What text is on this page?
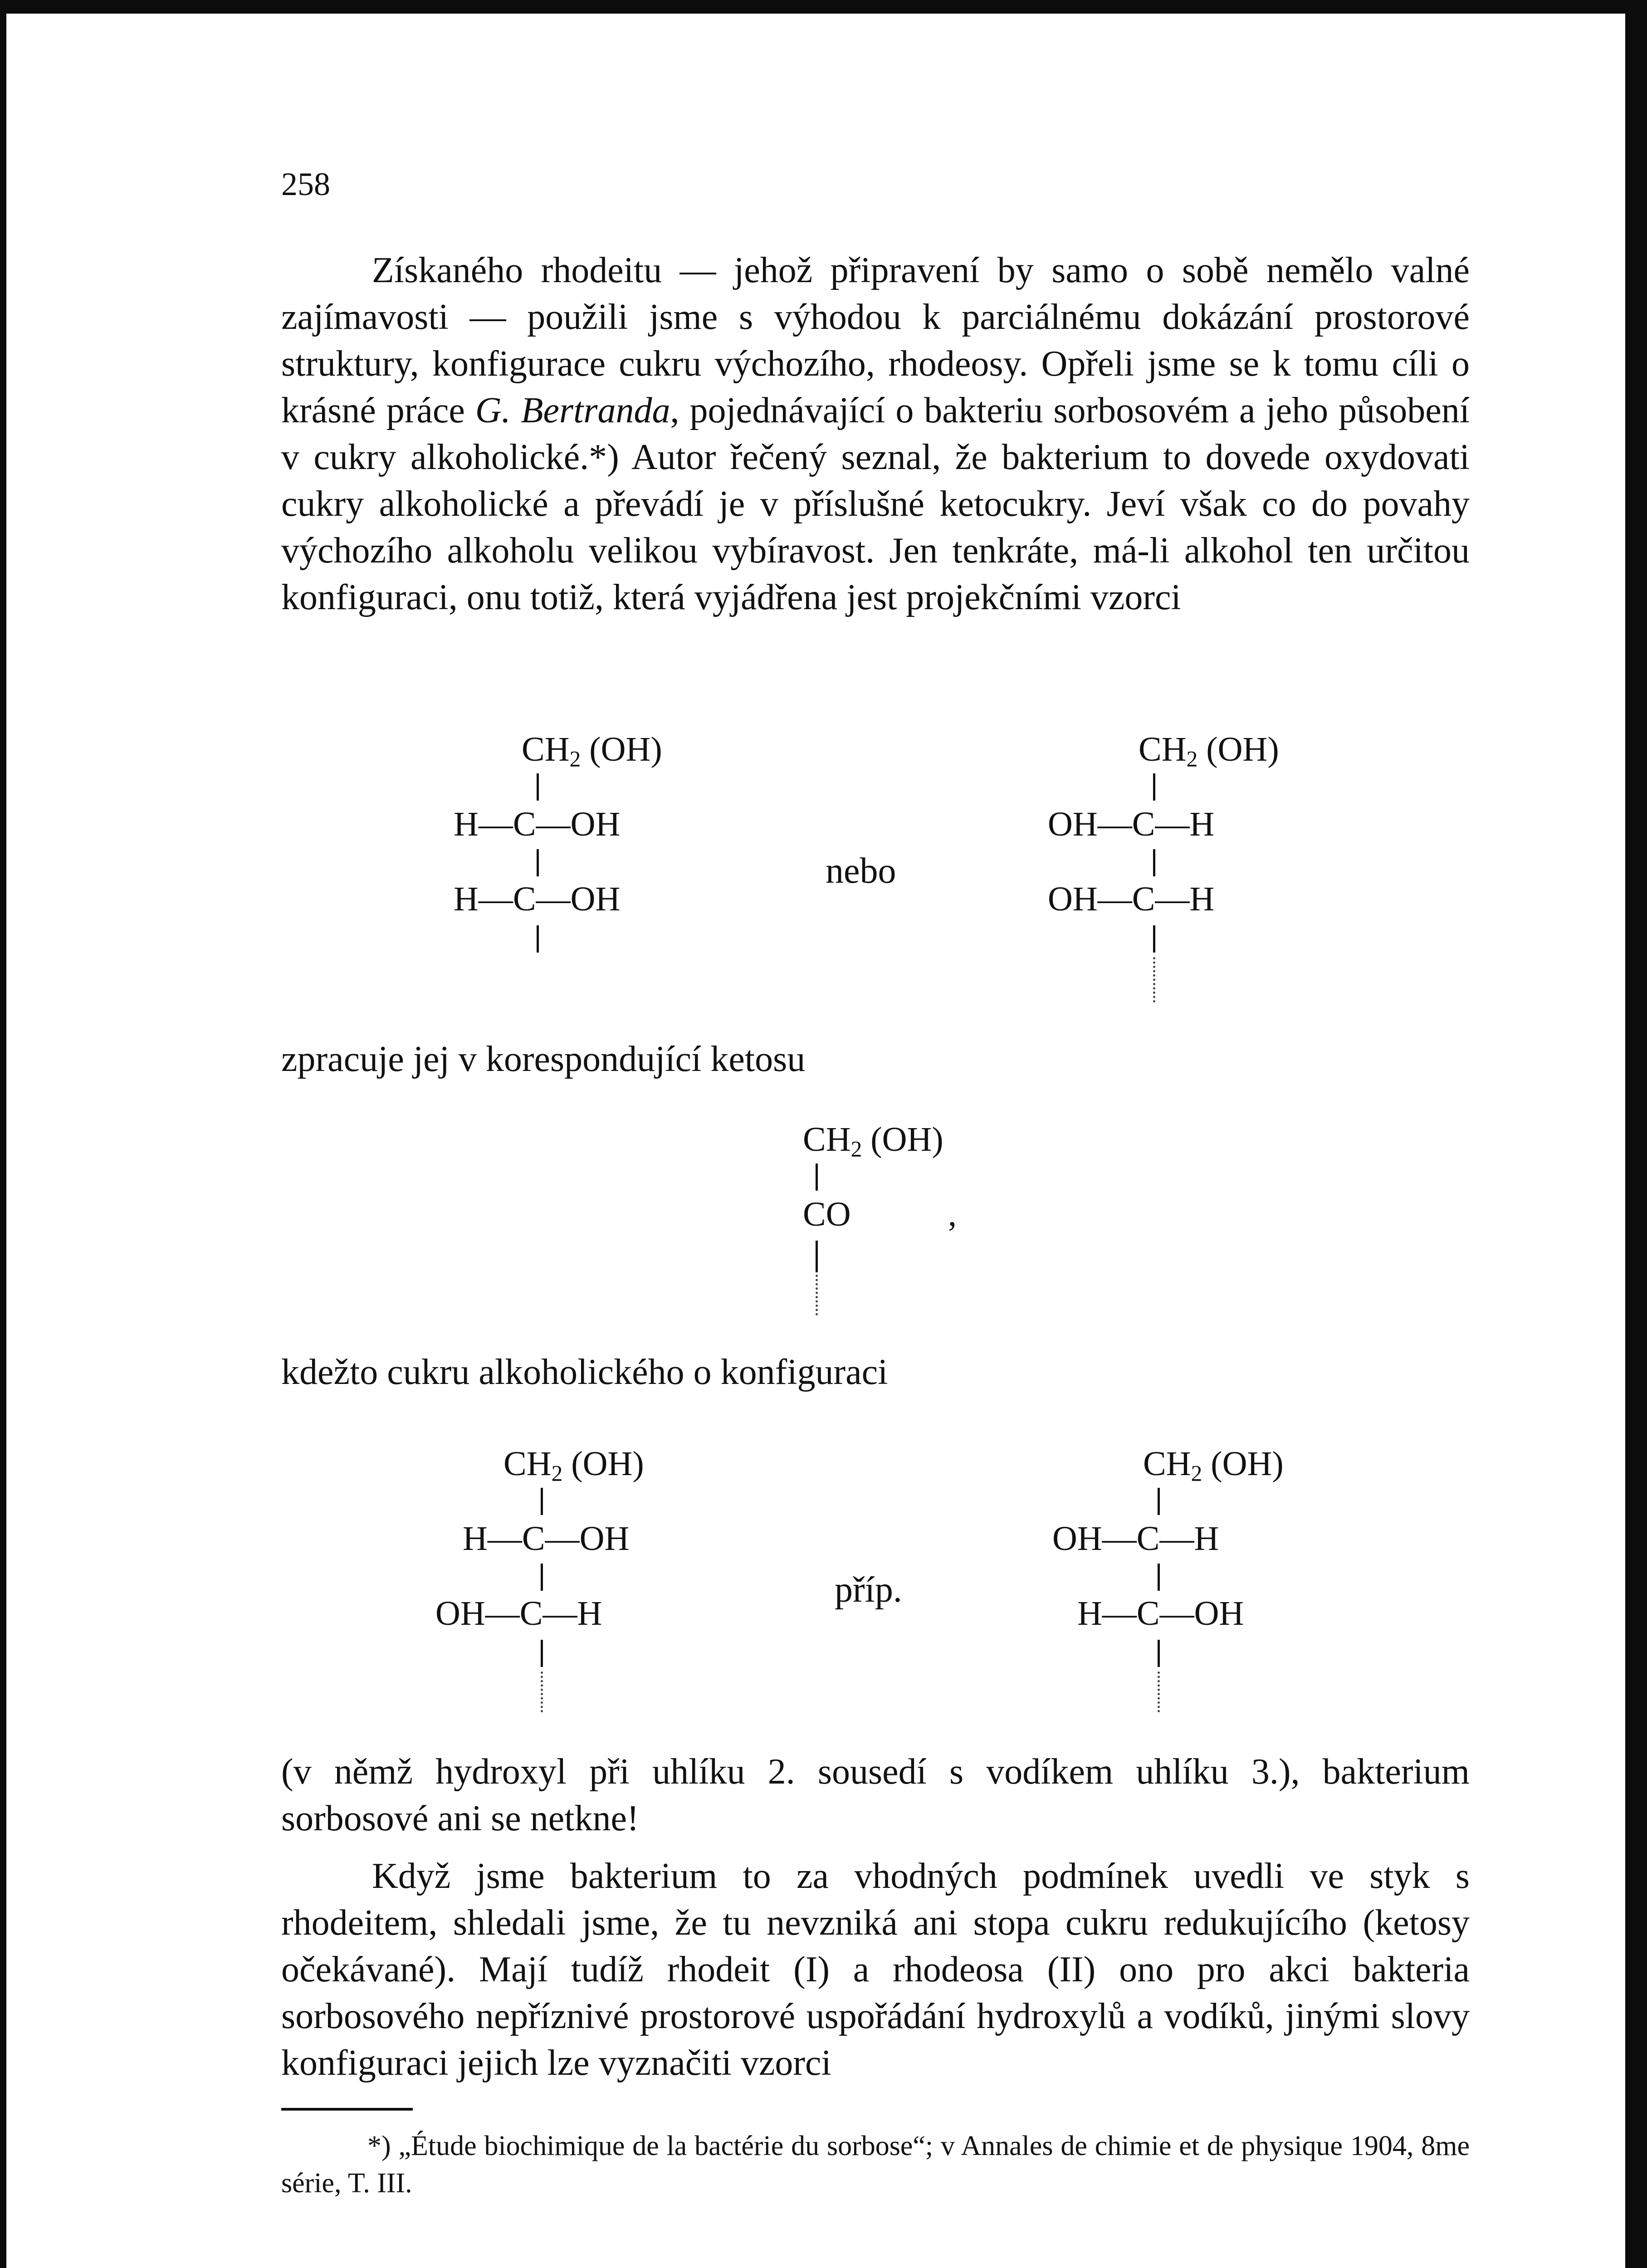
258

Získaného rhodeitu — jehož připravení by samo o sobě nemělo valné zajímavosti — použili jsme s výhodou k parciálnému dokázání prostorové struktury, konfigurace cukru výchozího, rhodeosy. Opřeli jsme se k tomu cíli o krásné práce G. Bertranda, pojednávající o bakteriu sorbosovém a jeho působení v cukry alkoholické.*) Autor řečený seznal, že bakterium to dovede oxydovati cukry alkoholické a převádí je v příslušné ketocukry. Jeví však co do povahy výchozího alkoholu velikou vybíravost. Jen tenkráte, má-li alkohol ten určitou konfiguraci, onu totiž, která vyjádřena jest projekčními vzorci

$CH_2$ (OH)
H—C—OH
H—C—OH
nebo
$CH_2$ (OH)
OH—C—H
OH—C—H
zpracuje jej v korespondující ketosu
$CH_2$ (OH)
CO	,
kdežto cukru alkoholického o konfiguraci
$CH_2$ (OH)
H—C—OH
OH—C—H
příp.
$CH_2$ (OH)
OH—C—H
H—C—OH

(v němž hydroxyl při uhlíku 2. sousedí s vodíkem uhlíku 3.), bakterium sorbosové ani se netkne!

Když jsme bakterium to za vhodných podmínek uvedli ve styk s rhodeitem, shledali jsme, že tu nevzniká ani stopa cukru redukujícího (ketosy očekávané). Mají tudíž rhodeit (I) a rhodeosa (II) ono pro akci bakteria sorbosového nepříznivé prostorové uspořádání hydroxylů a vodíků, jinými slovy konfiguraci jejich lze vyznačiti vzorci

*) „Étude biochimique de la bactérie du sorbose“; v Annales de chimie et de physique 1904, 8me série, T. III.
